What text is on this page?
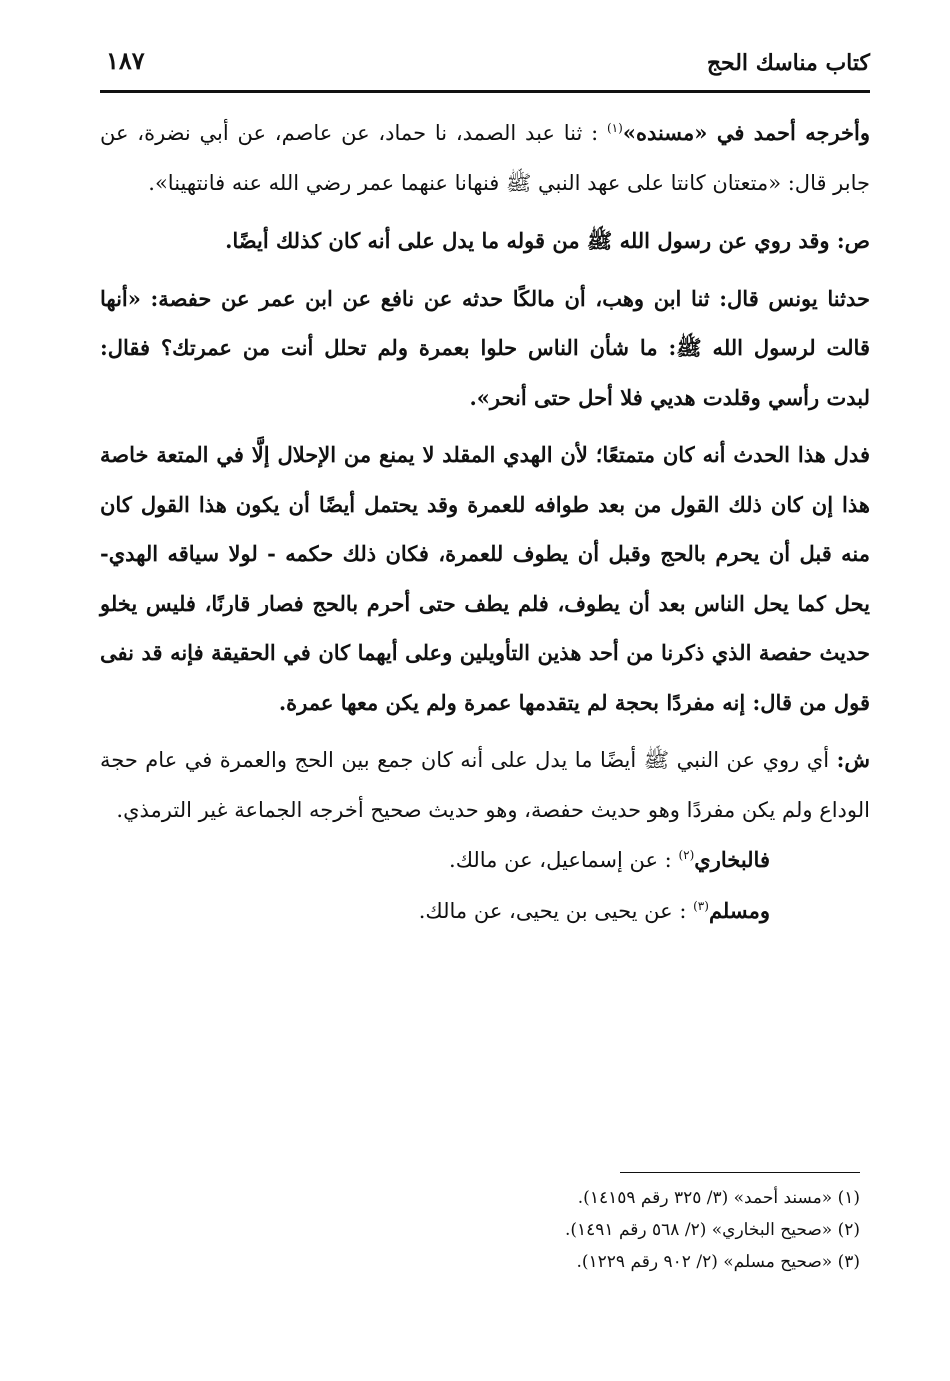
كتاب مناسك الحج
١٨٧

وأخرجه أحمد في «مسنده»$^{(١)}$ : ثنا عبد الصمد، نا حماد، عن عاصم، عن أبي نضرة، عن جابر قال: «متعتان كانتا على عهد النبي ﷺ فنهانا عنهما عمر رضي الله عنه فانتهينا».

ص: وقد روي عن رسول الله ﷺ من قوله ما يدل على أنه كان كذلك أيضًا.

حدثنا يونس قال: ثنا ابن وهب، أن مالكًا حدثه عن نافع عن ابن عمر عن حفصة: «أنها قالت لرسول الله ﷺ: ما شأن الناس حلوا بعمرة ولم تحلل أنت من عمرتك؟ فقال: لبدت رأسي وقلدت هديي فلا أحل حتى أنحر».

فدل هذا الحدث أنه كان متمتعًا؛ لأن الهدي المقلد لا يمنع من الإحلال إلَّا في المتعة خاصة هذا إن كان ذلك القول من بعد طوافه للعمرة وقد يحتمل أيضًا أن يكون هذا القول كان منه قبل أن يحرم بالحج وقبل أن يطوف للعمرة، فكان ذلك حكمه - لولا سياقه الهدي- يحل كما يحل الناس بعد أن يطوف، فلم يطف حتى أحرم بالحج فصار قارنًا، فليس يخلو حديث حفصة الذي ذكرنا من أحد هذين التأويلين وعلى أيهما كان في الحقيقة فإنه قد نفى قول من قال: إنه مفردًا بحجة لم يتقدمها عمرة ولم يكن معها عمرة.

ش: أي روي عن النبي ﷺ أيضًا ما يدل على أنه كان جمع بين الحج والعمرة في عام حجة الوداع ولم يكن مفردًا وهو حديث حفصة، وهو حديث صحيح أخرجه الجماعة غير الترمذي.

فالبخاري$^{(٢)}$ : عن إسماعيل، عن مالك.

ومسلم$^{(٣)}$ : عن يحيى بن يحيى، عن مالك.

(١) «مسند أحمد» (٣/ ٣٢٥ رقم ١٤١٥٩).
(٢) «صحيح البخاري» (٢/ ٥٦٨ رقم ١٤٩١).
(٣) «صحيح مسلم» (٢/ ٩٠٢ رقم ١٢٢٩).
